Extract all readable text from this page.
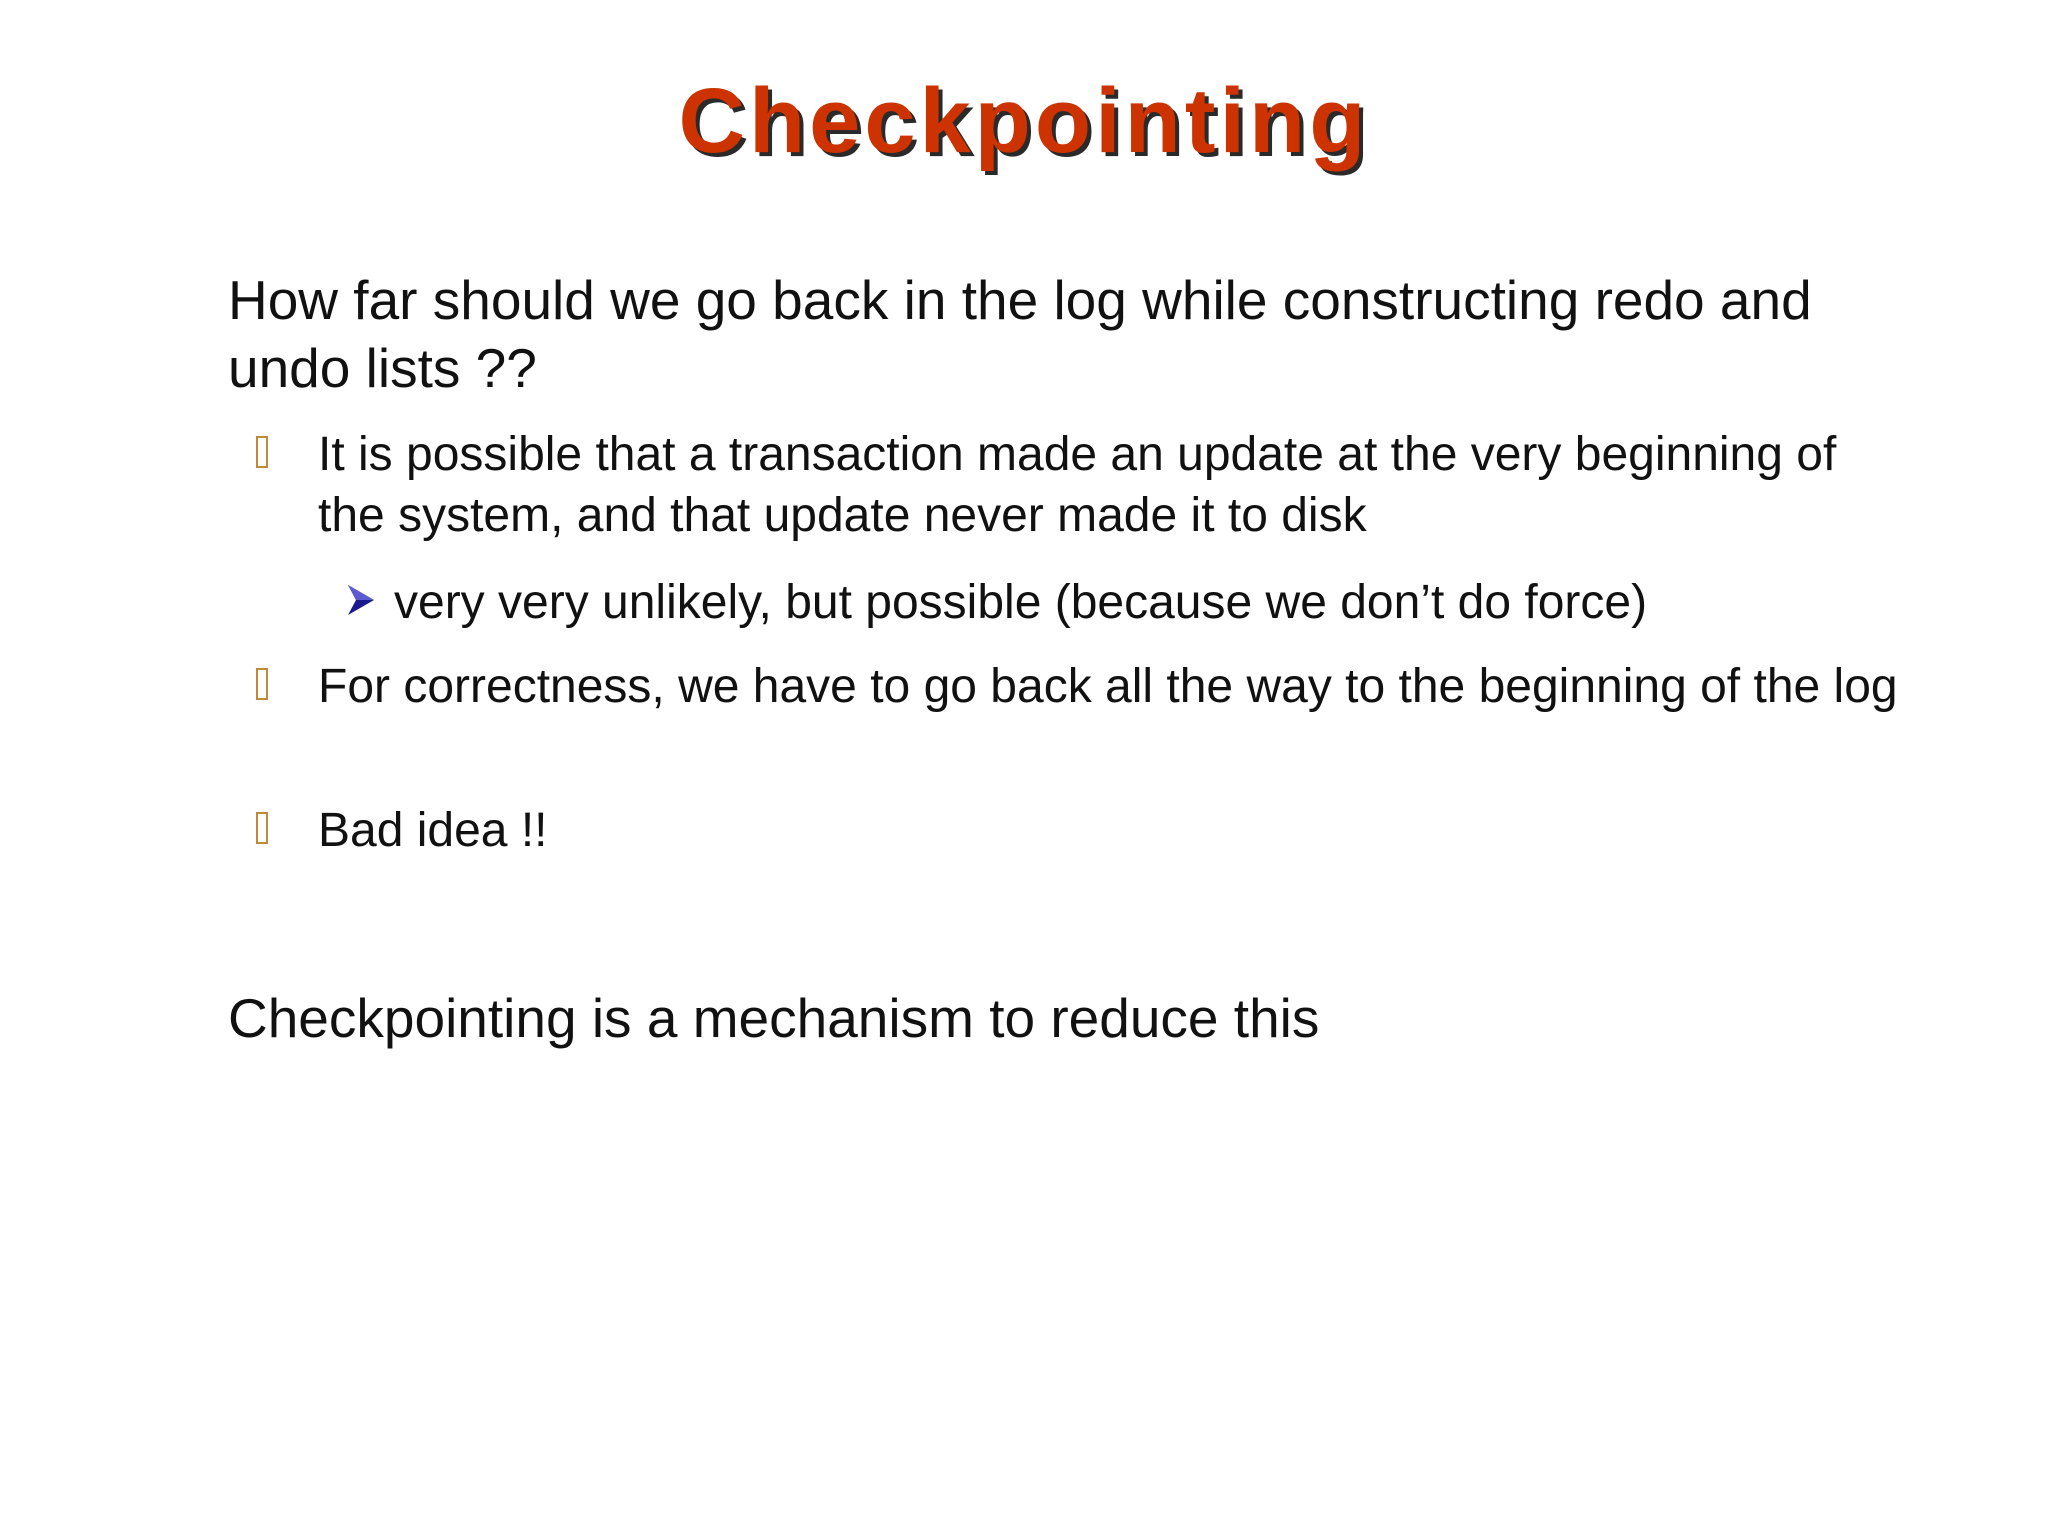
Checkpointing
How far should we go back in the log while constructing redo and undo lists ??
It is possible that a transaction made an update at the very beginning of the system, and that update never made it to disk
very very unlikely, but possible (because we don’t do force)
For correctness, we have to go back all the way to the beginning of the log
Bad idea !!
Checkpointing is a mechanism to reduce this
